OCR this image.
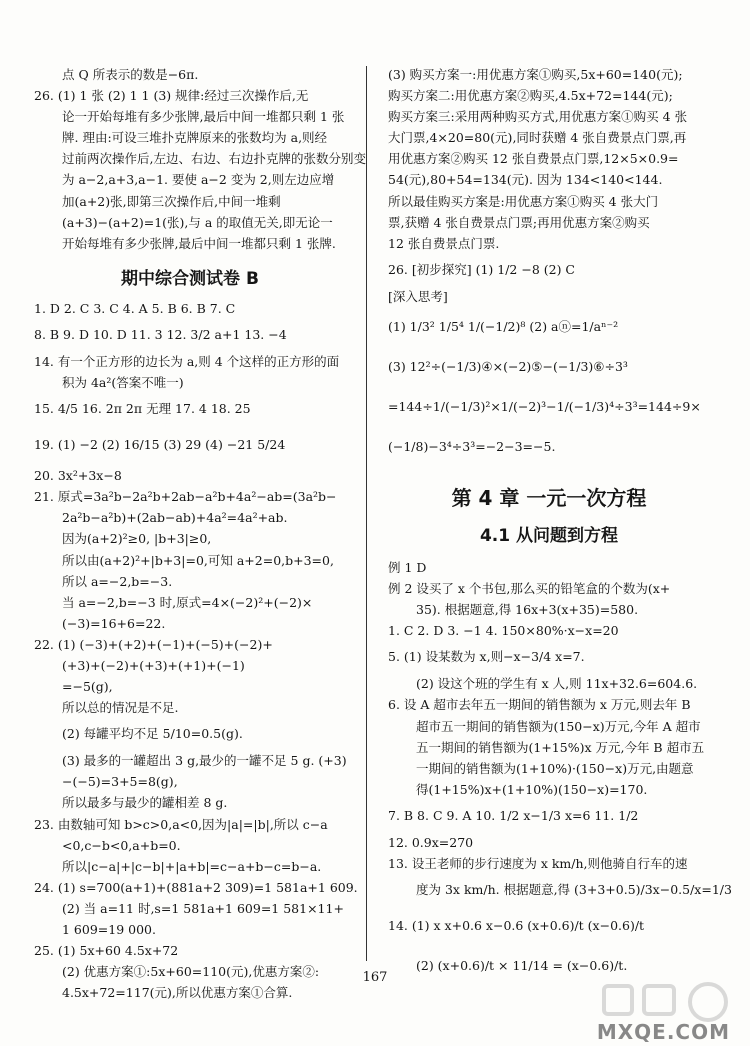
点 Q 所表示的数是−6π.
26. (1) 1 张 (2) 1 1 (3) 规律:经过三次操作后,无
论一开始每堆有多少张牌,最后中间一堆都只剩 1 张
牌. 理由:可设三堆扑克牌原来的张数均为 a,则经
过前两次操作后,左边、右边、右边扑克牌的张数分别变
为 a−2,a+3,a−1. 要使 a−2 变为 2,则左边应增
加(a+2)张,即第三次操作后,中间一堆剩
(a+3)−(a+2)=1(张),与 a 的取值无关,即无论一
开始每堆有多少张牌,最后中间一堆都只剩 1 张牌.
期中综合测试卷 B
1. D 2. C 3. C 4. A 5. B 6. B 7. C
8. B 9. D 10. D 11. 3 12. 3/2 a+1 13. −4
14. 有一个正方形的边长为 a,则 4 个这样的正方形的面
积为 4a²(答案不唯一)
15. 4/5 16. 2π 2π 无理 17. 4 18. 25
19. (1) −2 (2) 16/15 (3) 29 (4) −21 5/24
20. 3x²+3x−8
21. 原式=3a²b−2a²b+2ab−a²b+4a²−ab=(3a²b−
2a²b−a²b)+(2ab−ab)+4a²=4a²+ab.
因为(a+2)²≥0, |b+3|≥0,
所以由(a+2)²+|b+3|=0,可知 a+2=0,b+3=0,
所以 a=−2,b=−3.
当 a=−2,b=−3 时,原式=4×(−2)²+(−2)×
(−3)=16+6=22.
22. (1) (−3)+(+2)+(−1)+(−5)+(−2)+
(+3)+(−2)+(+3)+(+1)+(−1)
=−5(g),
所以总的情况是不足.
(2) 每罐平均不足 5/10=0.5(g).
(3) 最多的一罐超出 3 g,最少的一罐不足 5 g. (+3)
−(−5)=3+5=8(g),
所以最多与最少的罐相差 8 g.
23. 由数轴可知 b>c>0,a<0,因为|a|=|b|,所以 c−a
<0,c−b<0,a+b=0.
所以|c−a|+|c−b|+|a+b|=c−a+b−c=b−a.
24. (1) s=700(a+1)+(881a+2 309)=1 581a+1 609.
(2) 当 a=11 时,s=1 581a+1 609=1 581×11+
1 609=19 000.
25. (1) 5x+60 4.5x+72
(2) 优惠方案①:5x+60=110(元),优惠方案②:
4.5x+72=117(元),所以优惠方案①合算.
(3) 购买方案一:用优惠方案①购买,5x+60=140(元);
购买方案二:用优惠方案②购买,4.5x+72=144(元);
购买方案三:采用两种购买方式,用优惠方案①购买 4 张
大门票,4×20=80(元),同时获赠 4 张自费景点门票,再
用优惠方案②购买 12 张自费景点门票,12×5×0.9=
54(元),80+54=134(元). 因为 134<140<144.
所以最佳购买方案是:用优惠方案①购买 4 张大门
票,获赠 4 张自费景点门票;再用优惠方案②购买
12 张自费景点门票.
26. [初步探究] (1) 1/2 −8 (2) C
[深入思考]
(1) 1/3² 1/5⁴ 1/(−1/2)⁸ (2) aⓝ=1/aⁿ⁻²
(3) 12²÷(−1/3)④×(−2)⑤−(−1/3)⑥÷3³
=144÷1/(−1/3)²×1/(−2)³−1/(−1/3)⁴÷3³=144÷9×
(−1/8)−3⁴÷3³=−2−3=−5.
第 4 章 一元一次方程
4.1 从问题到方程
例 1 D
例 2 设买了 x 个书包,那么买的铅笔盒的个数为(x+
35). 根据题意,得 16x+3(x+35)=580.
1. C 2. D 3. −1 4. 150×80%·x−x=20
5. (1) 设某数为 x,则−x−3/4 x=7.
(2) 设这个班的学生有 x 人,则 11x+32.6=604.6.
6. 设 A 超市去年五一期间的销售额为 x 万元,则去年 B
超市五一期间的销售额为(150−x)万元,今年 A 超市
五一期间的销售额为(1+15%)x 万元,今年 B 超市五
一期间的销售额为(1+10%)·(150−x)万元,由题意
得(1+15%)x+(1+10%)(150−x)=170.
7. B 8. C 9. A 10. 1/2 x−1/3 x=6 11. 1/2
12. 0.9x=270
13. 设王老师的步行速度为 x km/h,则他骑自行车的速
度为 3x km/h. 根据题意,得 (3+3+0.5)/3x−0.5/x=1/3
14. (1) x x+0.6 x−0.6 (x+0.6)/t (x−0.6)/t
(2) (x+0.6)/t × 11/14 = (x−0.6)/t.
167
MXQE.COM
